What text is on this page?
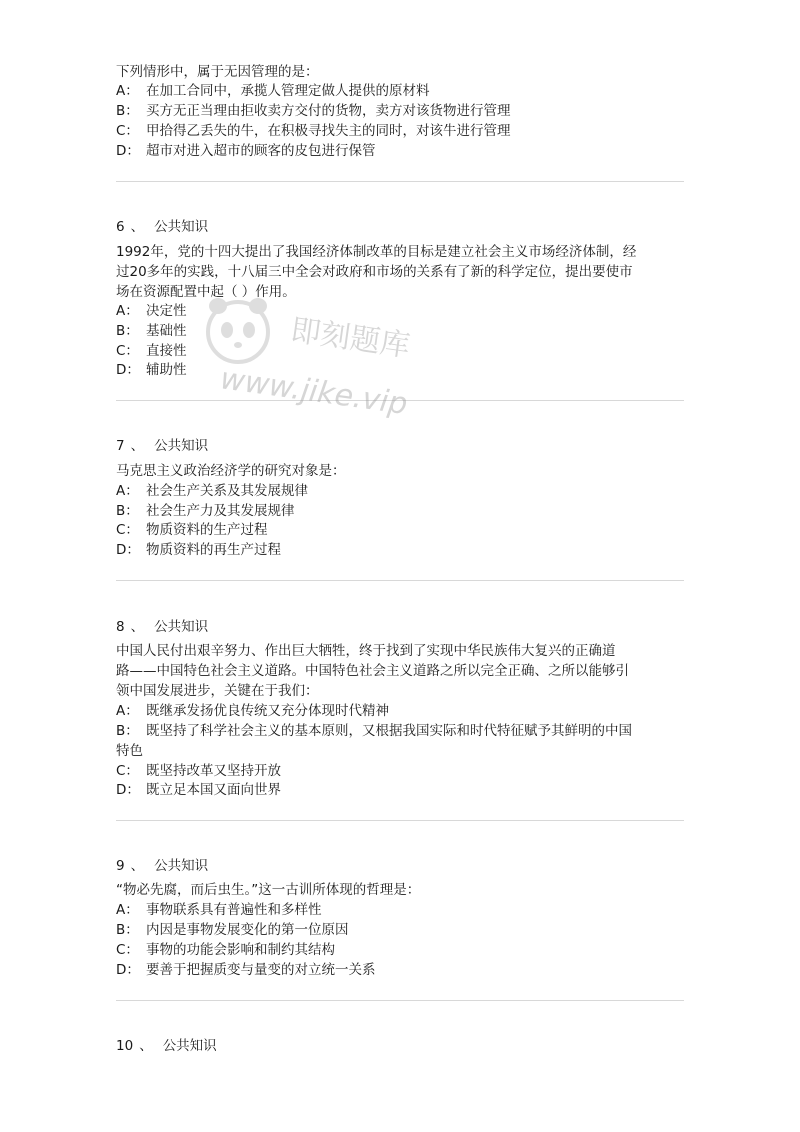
下列情形中，属于无因管理的是：
A： 在加工合同中，承揽人管理定做人提供的原材料
B： 买方无正当理由拒收卖方交付的货物，卖方对该货物进行管理
C： 甲拾得乙丢失的牛，在积极寻找失主的同时，对该牛进行管理
D： 超市对进入超市的顾客的皮包进行保管
6 、 公共知识
1992年，党的十四大提出了我国经济体制改革的目标是建立社会主义市场经济体制，经
过20多年的实践，十八届三中全会对政府和市场的关系有了新的科学定位，提出要使市
场在资源配置中起（ ）作用。
A： 决定性
B： 基础性
C： 直接性
D： 辅助性
7 、 公共知识
马克思主义政治经济学的研究对象是：
A： 社会生产关系及其发展规律
B： 社会生产力及其发展规律
C： 物质资料的生产过程
D： 物质资料的再生产过程
8 、 公共知识
中国人民付出艰辛努力、作出巨大牺牲，终于找到了实现中华民族伟大复兴的正确道
路——中国特色社会主义道路。中国特色社会主义道路之所以完全正确、之所以能够引
领中国发展进步，关键在于我们：
A： 既继承发扬优良传统又充分体现时代精神
B： 既坚持了科学社会主义的基本原则，又根据我国实际和时代特征赋予其鲜明的中国
特色
C： 既坚持改革又坚持开放
D： 既立足本国又面向世界
9 、 公共知识
“物必先腐，而后虫生。”这一古训所体现的哲理是：
A： 事物联系具有普遍性和多样性
B： 内因是事物发展变化的第一位原因
C： 事物的功能会影响和制约其结构
D： 要善于把握质变与量变的对立统一关系
10 、 公共知识
即刻题库
www.jike.vip
